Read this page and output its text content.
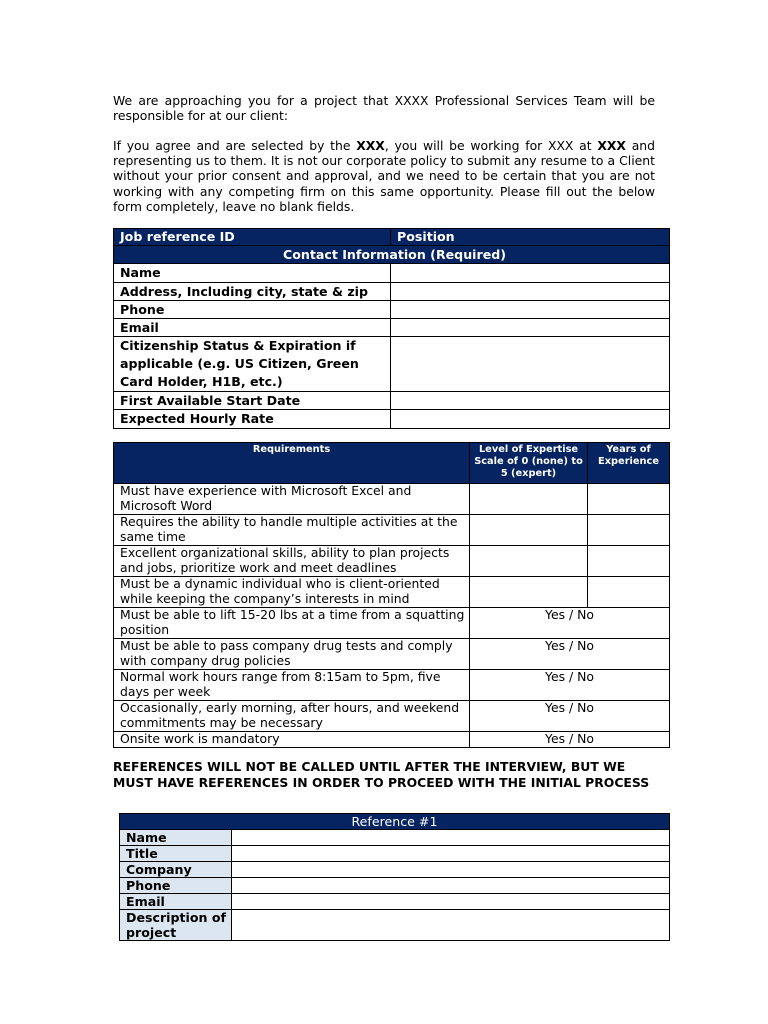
We are approaching you for a project that XXXX Professional Services Team will be responsible for at our client:

If you agree and are selected by the XXX, you will be working for XXX at XXX and representing us to them. It is not our corporate policy to submit any resume to a Client without your prior consent and approval, and we need to be certain that you are not working with any competing firm on this same opportunity. Please fill out the below form completely, leave no blank fields.

Job reference ID	Position
Contact Information (Required)	
Name	
Address, Including city, state & zip	
Phone	
Email	
Citizenship Status & Expiration if applicable (e.g. US Citizen, Green Card Holder, H1B, etc.)	
First Available Start Date	
Expected Hourly Rate	
Requirements	Level of Expertise Scale of 0 (none) to 5 (expert)	Years of Experience
Must have experience with Microsoft Excel and Microsoft Word		
Requires the ability to handle multiple activities at the same time		
Excellent organizational skills, ability to plan projects and jobs, prioritize work and meet deadlines		
Must be a dynamic individual who is client-oriented while keeping the company’s interests in mind		
Must be able to lift 15-20 lbs at a time from a squatting position	Yes / No	
Must be able to pass company drug tests and comply with company drug policies	Yes / No	
Normal work hours range from 8:15am to 5pm, five days per week	Yes / No	
Occasionally, early morning, after hours, and weekend commitments may be necessary	Yes / No	
Onsite work is mandatory	Yes / No	

REFERENCES WILL NOT BE CALLED UNTIL AFTER THE INTERVIEW, BUT WE MUST HAVE REFERENCES IN ORDER TO PROCEED WITH THE INITIAL PROCESS

Reference #1	
Name	
Title	
Company	
Phone	
Email	
Description of project	
